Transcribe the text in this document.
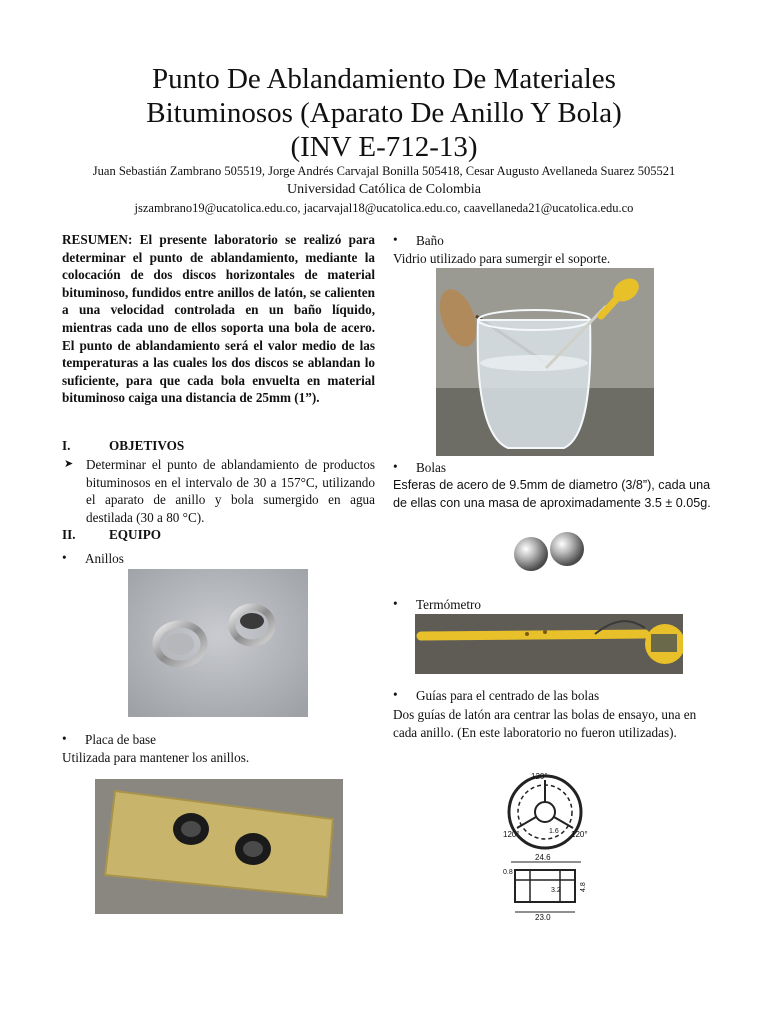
Punto De Ablandamiento De Materiales
Bituminosos (Aparato De Anillo Y Bola)
(INV E-712-13)
Juan Sebastián Zambrano 505519, Jorge Andrés Carvajal Bonilla 505418, Cesar Augusto Avellaneda Suarez 505521
Universidad Católica de Colombia
jszambrano19@ucatolica.edu.co, jacarvajal18@ucatolica.edu.co, caavellaneda21@ucatolica.edu.co
RESUMEN: El presente laboratorio se realizó para determinar el punto de ablandamiento, mediante la colocación de dos discos horizontales de material bituminoso, fundidos entre anillos de latón, se calienten a una velocidad controlada en un baño líquido, mientras cada uno de ellos soporta una bola de acero. El punto de ablandamiento será el valor medio de las temperaturas a las cuales los dos discos se ablandan lo suficiente, para que cada bola envuelta en material bituminoso caiga una distancia de 25mm (1”).
I.	OBJETIVOS
➤ Determinar el punto de ablandamiento de productos bituminosos en el intervalo de 30 a 157°C, utilizando el aparato de anillo y bola sumergido en agua destilada (30 a 80 °C).
II.	EQUIPO
• Anillos
• Placa de base
Utilizada para mantener los anillos.
• Baño
Vidrio utilizado para sumergir el soporte.
• Bolas
Esferas de acero de 9.5mm de diametro (3/8”), cada una de ellas con una masa de aproximadamente 3.5 ± 0.05g.
• Termómetro
• Guías para el centrado de las bolas
Dos guías de latón ara centrar las bolas de ensayo, una en cada anillo. (En este laboratorio no fueron utilizadas).
120°
120°	120°
1.6
24.6
0.8
3.2	4.8
23.0
